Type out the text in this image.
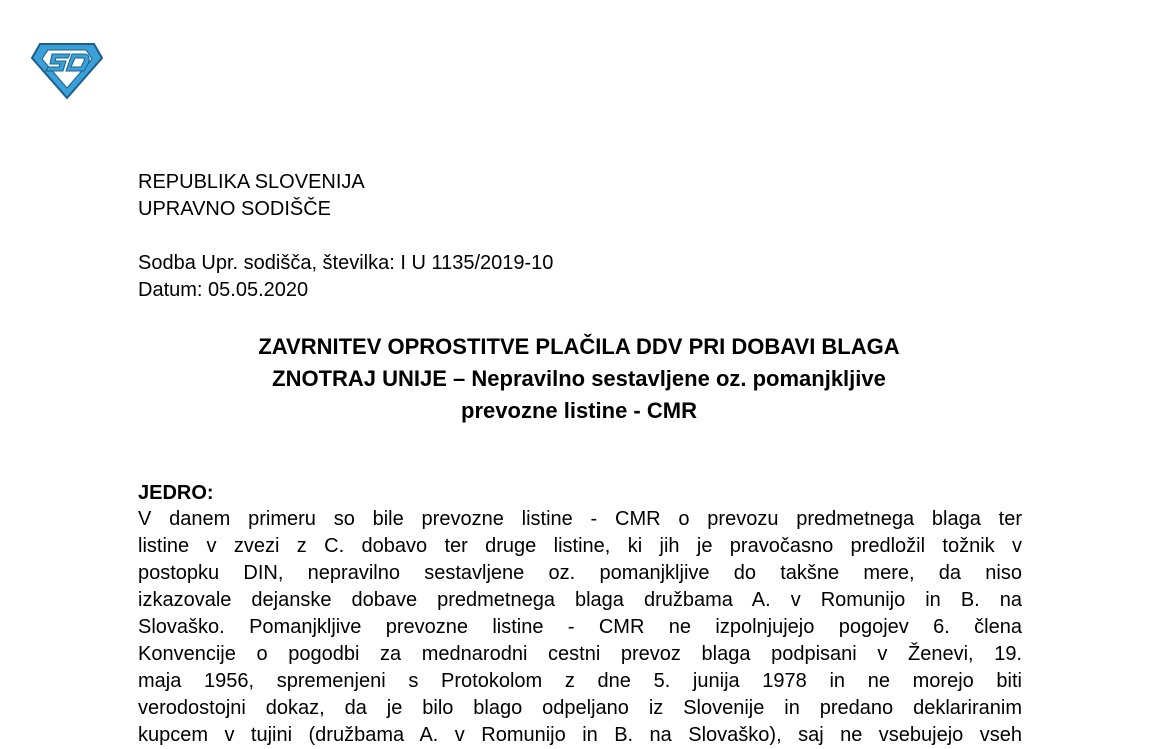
REPUBLIKA SLOVENIJA
UPRAVNO SODIŠČE
Sodba Upr. sodišča, številka: I U 1135/2019-10
Datum: 05.05.2020
ZAVRNITEV OPROSTITVE PLAČILA DDV PRI DOBAVI BLAGA
ZNOTRAJ UNIJE – Nepravilno sestavljene oz. pomanjkljive
prevozne listine - CMR
JEDRO:
V danem primeru so bile prevozne listine - CMR o prevozu predmetnega blaga ter
listine v zvezi z C. dobavo ter druge listine, ki jih je pravočasno predložil tožnik v
postopku DIN, nepravilno sestavljene oz. pomanjkljive do takšne mere, da niso
izkazovale dejanske dobave predmetnega blaga družbama A. v Romunijo in B. na
Slovaško. Pomanjkljive prevozne listine - CMR ne izpolnjujejo pogojev 6. člena
Konvencije o pogodbi za mednarodni cestni prevoz blaga podpisani v Ženevi, 19.
maja 1956, spremenjeni s Protokolom z dne 5. junija 1978 in ne morejo biti
verodostojni dokaz, da je bilo blago odpeljano iz Slovenije in predano deklariranim
kupcem v tujini (družbama A. v Romunijo in B. na Slovaško), saj ne vsebujejo vseh
